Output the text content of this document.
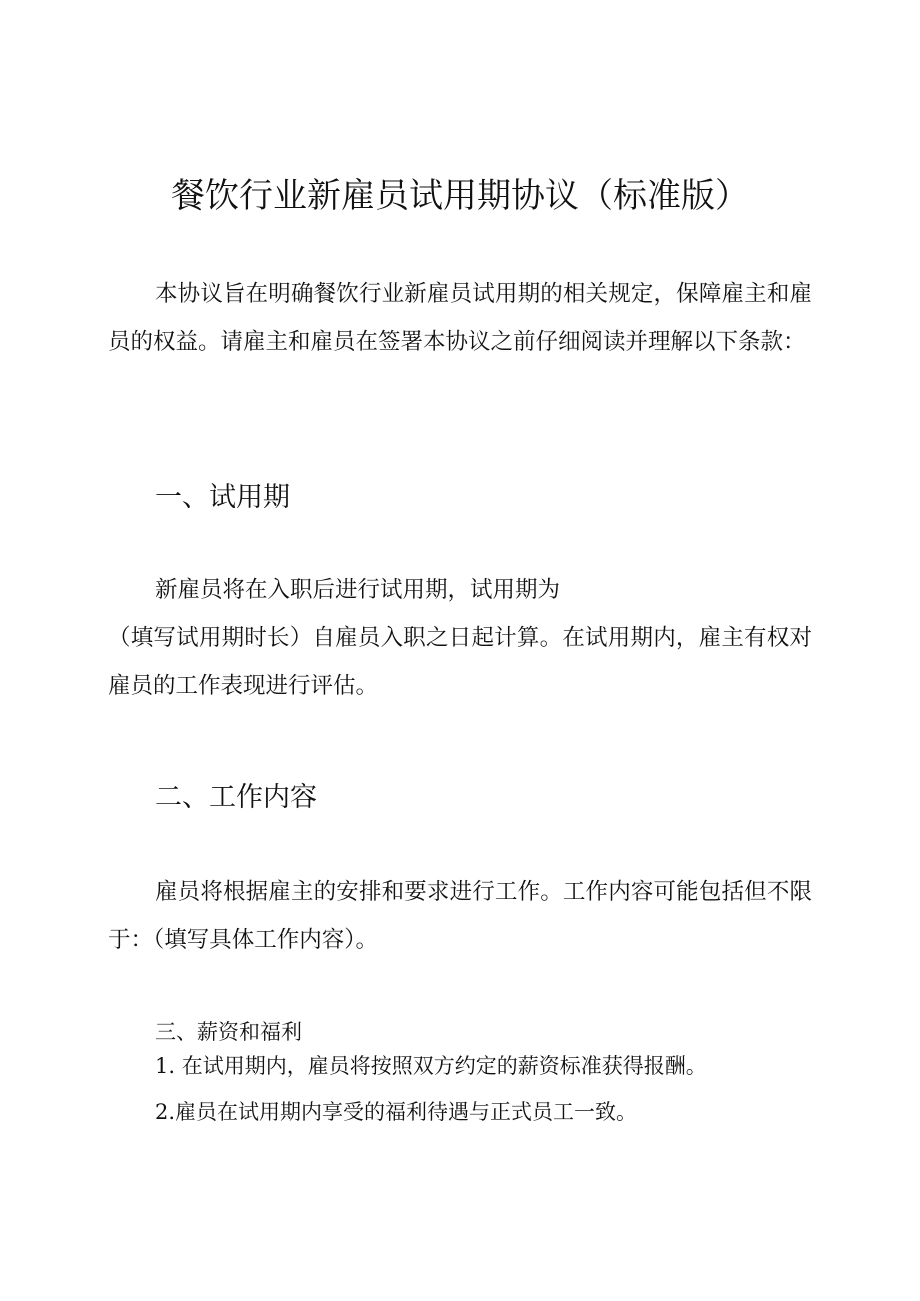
餐饮行业新雇员试用期协议（标准版）

本协议旨在明确餐饮行业新雇员试用期的相关规定，保障雇主和雇员的权益。请雇主和雇员在签署本协议之前仔细阅读并理解以下条款：

一、试用期

新雇员将在入职后进行试用期，试用期为

（填写试用期时长）自雇员入职之日起计算。在试用期内，雇主有权对雇员的工作表现进行评估。

二、工作内容

雇员将根据雇主的安排和要求进行工作。工作内容可能包括但不限于：（填写具体工作内容）。

三、薪资和福利

1. 在试用期内，雇员将按照双方约定的薪资标准获得报酬。

2.雇员在试用期内享受的福利待遇与正式员工一致。
